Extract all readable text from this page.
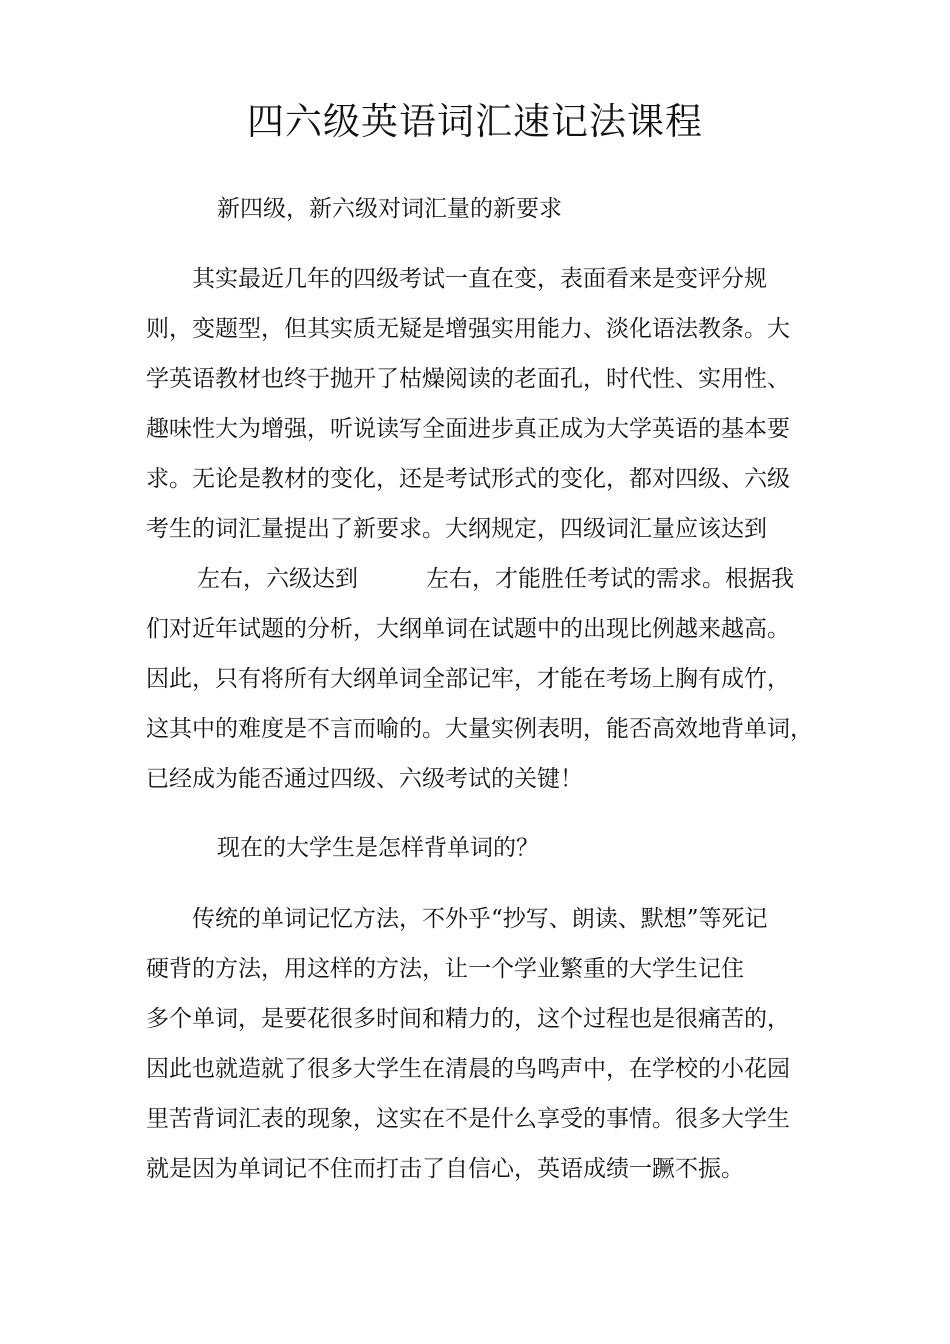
四六级英语词汇速记法课程

新四级，新六级对词汇量的新要求

其实最近几年的四级考试一直在变，表面看来是变评分规

则，变题型，但其实质无疑是增强实用能力、淡化语法教条。大

学英语教材也终于抛开了枯燥阅读的老面孔，时代性、实用性、

趣味性大为增强，听说读写全面进步真正成为大学英语的基本要

求。无论是教材的变化，还是考试形式的变化，都对四级、六级

考生的词汇量提出了新要求。大纲规定，四级词汇量应该达到

左右，六级达到	左右，才能胜任考试的需求。根据我

们对近年试题的分析，大纲单词在试题中的出现比例越来越高。

因此，只有将所有大纲单词全部记牢，才能在考场上胸有成竹，

这其中的难度是不言而喻的。大量实例表明，能否高效地背单词，

已经成为能否通过四级、六级考试的关键！

现在的大学生是怎样背单词的？

传统的单词记忆方法，不外乎“抄写、朗读、默想”等死记

硬背的方法，用这样的方法，让一个学业繁重的大学生记住

多个单词，是要花很多时间和精力的，这个过程也是很痛苦的，

因此也就造就了很多大学生在清晨的鸟鸣声中，在学校的小花园

里苦背词汇表的现象，这实在不是什么享受的事情。很多大学生

就是因为单词记不住而打击了自信心，英语成绩一蹶不振。
